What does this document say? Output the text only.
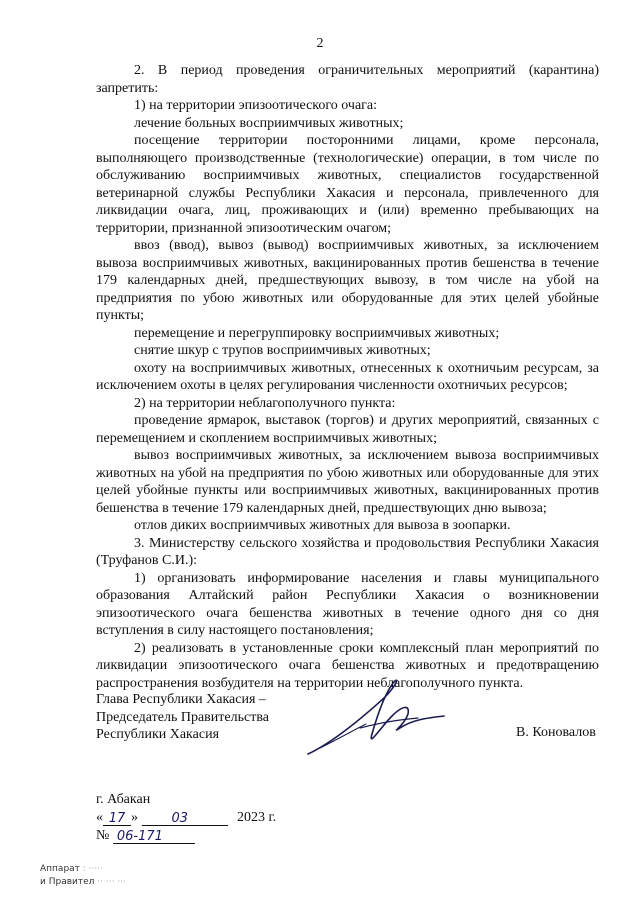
2

2. В период проведения ограничительных мероприятий (карантина) запретить:

1) на территории эпизоотического очага:

лечение больных восприимчивых животных;

посещение территории посторонними лицами, кроме персонала, выполняющего производственные (технологические) операции, в том числе по обслуживанию восприимчивых животных, специалистов государственной ветеринарной службы Республики Хакасия и персонала, привлеченного для ликвидации очага, лиц, проживающих и (или) временно пребывающих на территории, признанной эпизоотическим очагом;

ввоз (ввод), вывоз (вывод) восприимчивых животных, за исключением вывоза восприимчивых животных, вакцинированных против бешенства в течение 179 календарных дней, предшествующих вывозу, в том числе на убой на предприятия по убою животных или оборудованные для этих целей убойные пункты;

перемещение и перегруппировку восприимчивых животных;

снятие шкур с трупов восприимчивых животных;

охоту на восприимчивых животных, отнесенных к охотничьим ресурсам, за исключением охоты в целях регулирования численности охотничьих ресурсов;

2) на территории неблагополучного пункта:

проведение ярмарок, выставок (торгов) и других мероприятий, связанных с перемещением и скоплением восприимчивых животных;

вывоз восприимчивых животных, за исключением вывоза восприимчивых животных на убой на предприятия по убою животных или оборудованные для этих целей убойные пункты или восприимчивых животных, вакцинированных против бешенства в течение 179 календарных дней, предшествующих дню вывоза;

отлов диких восприимчивых животных для вывоза в зоопарки.

3. Министерству сельского хозяйства и продовольствия Республики Хакасия (Труфанов С.И.):

1) организовать информирование населения и главы муниципального образования Алтайский район Республики Хакасия о возникновении эпизоотического очага бешенства животных в течение одного дня со дня вступления в силу настоящего постановления;

2) реализовать в установленные сроки комплексный план мероприятий по ликвидации эпизоотического очага бешенства животных и предотвращению распространения возбудителя на территории неблагополучного пункта.

Глава Республики Хакасия –
Председатель Правительства
Республики Хакасия	В. Коновалов
г. Абакан
« 17 »	03	2023 г.
№ 06-171
Аппарат : ·····
и Правител ·· ··· ···
